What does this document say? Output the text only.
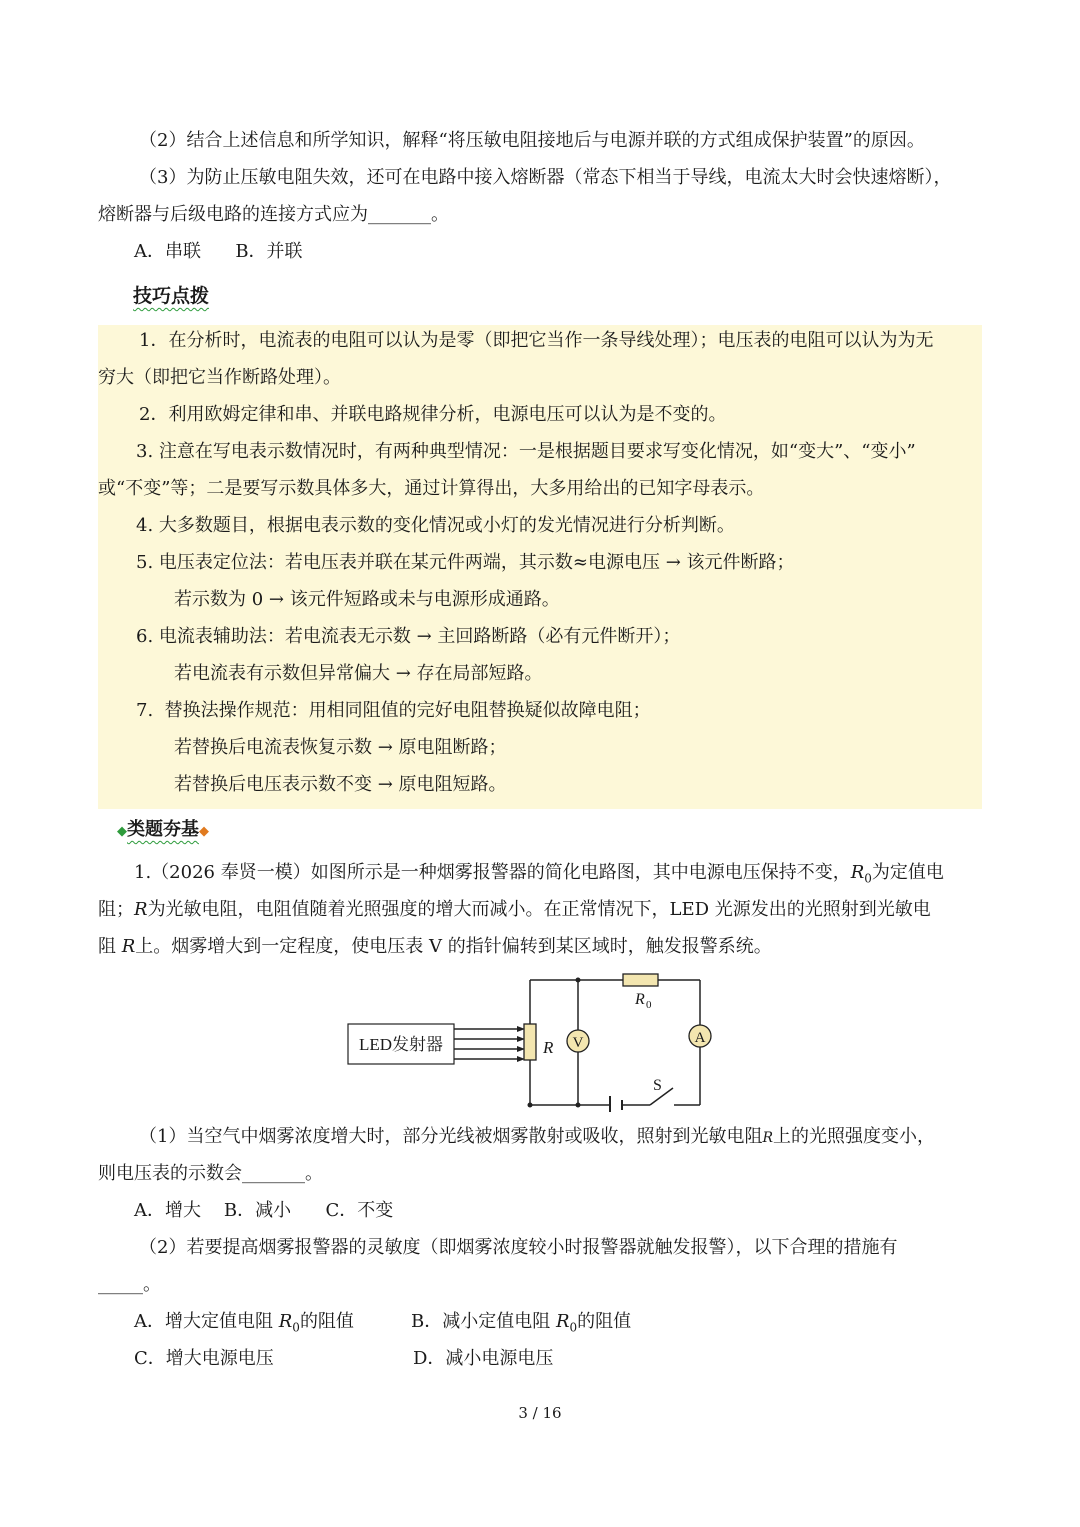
（2）结合上述信息和所学知识，解释“将压敏电阻接地后与电源并联的方式组成保护装置”的原因。
（3）为防止压敏电阻失效，还可在电路中接入熔断器（常态下相当于导线，电流太大时会快速熔断），
熔断器与后级电路的连接方式应为_______。
A．串联      B．并联
技巧点拨
1．在分析时，电流表的电阻可以认为是零（即把它当作一条导线处理）；电压表的电阻可以认为为无
穷大（即把它当作断路处理）。
2．利用欧姆定律和串、并联电路规律分析，电源电压可以认为是不变的。
3. 注意在写电表示数情况时，有两种典型情况：一是根据题目要求写变化情况，如“变大”、“变小”
或“不变”等；二是要写示数具体多大，通过计算得出，大多用给出的已知字母表示。
4. 大多数题目，根据电表示数的变化情况或小灯的发光情况进行分析判断。
5. 电压表定位法：若电压表并联在某元件两端，其示数≈电源电压 → 该元件断路；
若示数为 0 → 该元件短路或未与电源形成通路。
6. 电流表辅助法：若电流表无示数 → 主回路断路（必有元件断开）；
若电流表有示数但异常偏大 → 存在局部短路。
7.  替换法操作规范：用相同阻值的完好电阻替换疑似故障电阻；
若替换后电流表恢复示数 → 原电阻断路；
若替换后电压表示数不变 → 原电阻短路。
◆类题夯基◆
1.（2026 奉贤一模）如图所示是一种烟雾报警器的简化电路图，其中电源电压保持不变，$R_0$为定值电
阻；R为光敏电阻，电阻值随着光照强度的增大而减小。在正常情况下，LED 光源发出的光照射到光敏电
阻 R上。烟雾增大到一定程度，使电压表 V 的指针偏转到某区域时，触发报警系统。
LED发射器	R
R 0
V	A
S
（1）当空气中烟雾浓度增大时，部分光线被烟雾散射或吸收，照射到光敏电阻R上的光照强度变小，
则电压表的示数会_______。
A．增大    B．减小      C．不变
（2）若要提高烟雾报警器的灵敏度（即烟雾浓度较小时报警器就触发报警），以下合理的措施有
_____。
A．增大定值电阻 $R_0$的阻值	B．减小定值电阻 $R_0$的阻值
C．增大电源电压	D．减小电源电压
3 / 16
